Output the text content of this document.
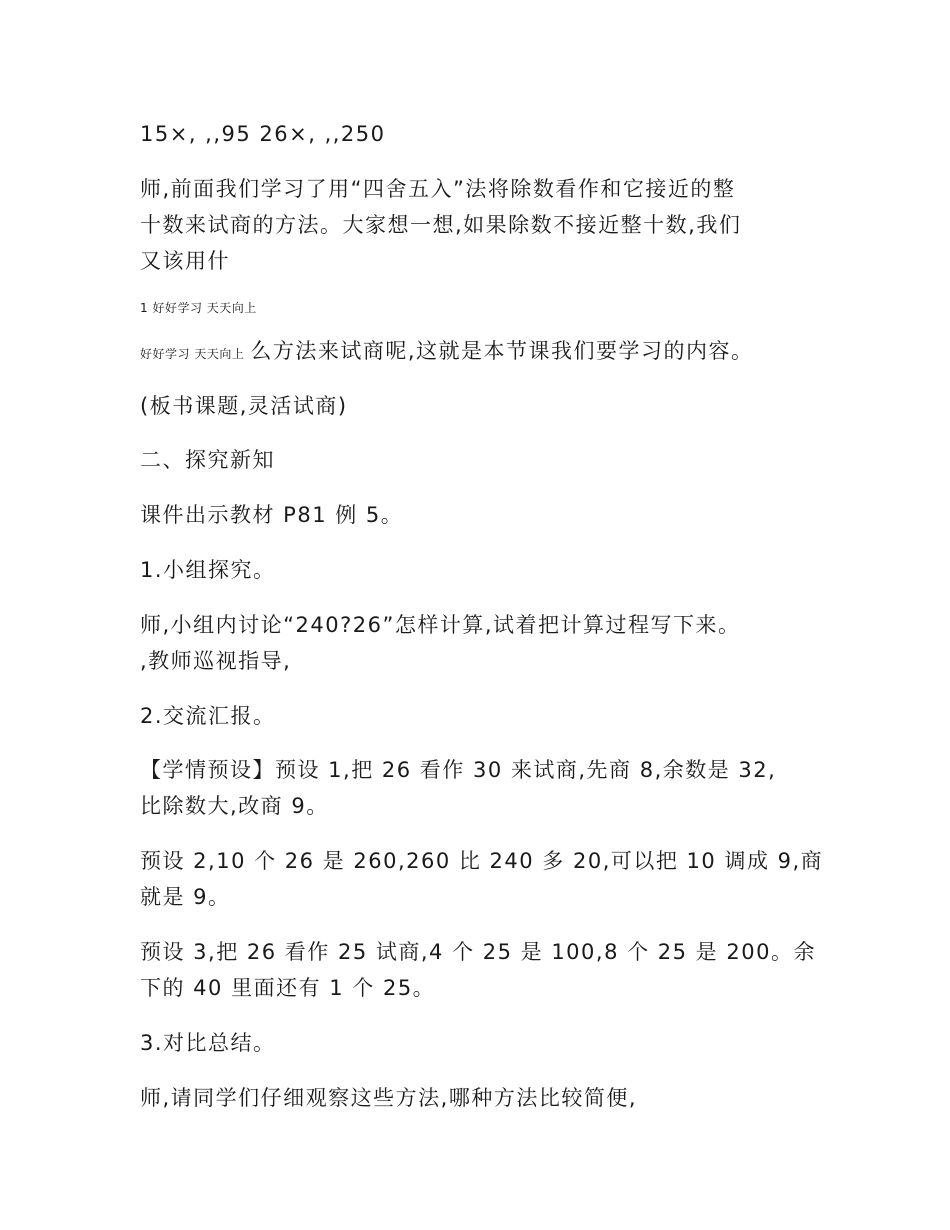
15×, ,,95 26×, ,,250
师,前面我们学习了用“四舍五入”法将除数看作和它接近的整
十数来试商的方法。大家想一想,如果除数不接近整十数,我们
又该用什
1 好好学习 天天向上
好好学习 天天向上 么方法来试商呢,这就是本节课我们要学习的内容。
(板书课题,灵活试商)
二、探究新知
课件出示教材 P81 例 5。
1.小组探究。
师,小组内讨论“240?26”怎样计算,试着把计算过程写下来。
,教师巡视指导,
2.交流汇报。
【学情预设】预设 1,把 26 看作 30 来试商,先商 8,余数是 32,
比除数大,改商 9。
预设 2,10 个 26 是 260,260 比 240 多 20,可以把 10 调成 9,商
就是 9。
预设 3,把 26 看作 25 试商,4 个 25 是 100,8 个 25 是 200。余
下的 40 里面还有 1 个 25。
3.对比总结。
师,请同学们仔细观察这些方法,哪种方法比较简便,
